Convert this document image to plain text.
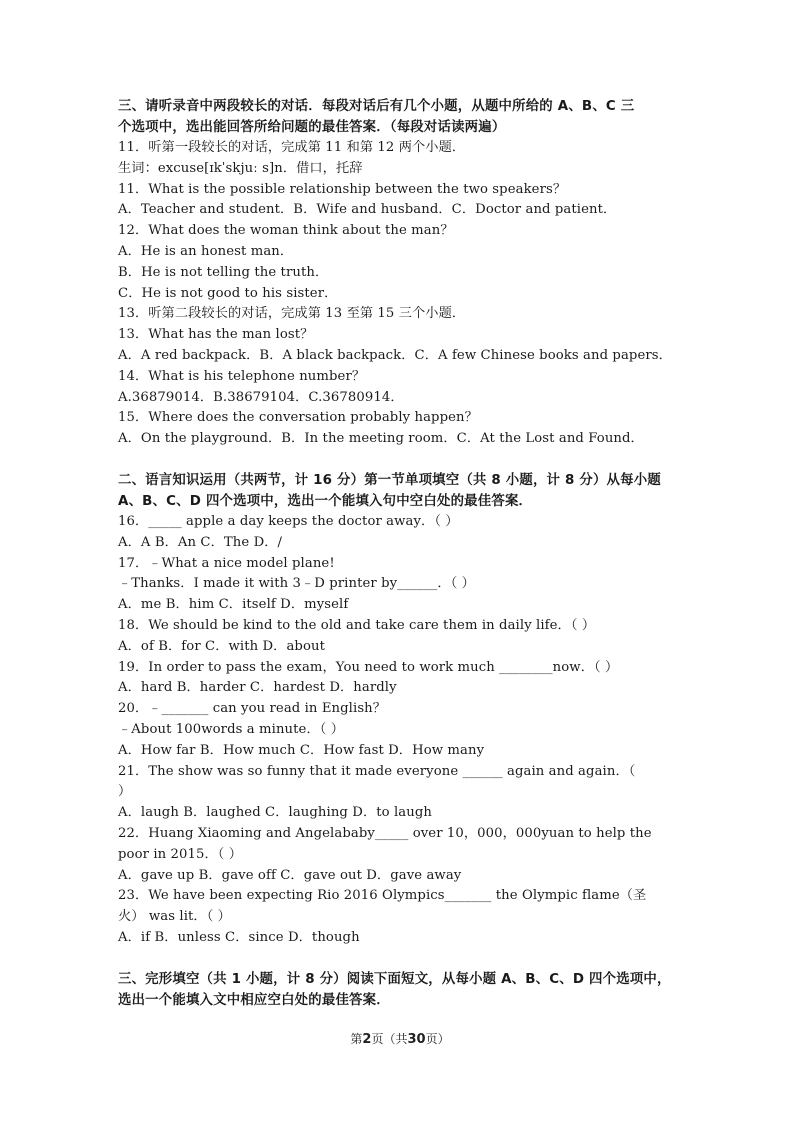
三、请听录音中两段较长的对话．每段对话后有几个小题，从题中所给的 A、B、C 三
个选项中，选出能回答所给问题的最佳答案．（每段对话读两遍）
11．听第一段较长的对话，完成第 11 和第 12 两个小题．
生词：excuse[ɪkˈskjuː s]n．借口，托辞
11．What is the possible relationship between the two speakers？
A．Teacher and student．B．Wife and husband．C．Doctor and patient．
12．What does the woman think about the man？
A．He is an honest man．
B．He is not telling the truth．
C．He is not good to his sister．
13．听第二段较长的对话，完成第 13 至第 15 三个小题．
13．What has the man lost？
A．A red backpack．B．A black backpack．C．A few Chinese books and papers．
14．What is his telephone number？
A.36879014．B.38679104．C.36780914．
15．Where does the conversation probably happen？
A．On the playground．B．In the meeting room．C．At the Lost and Found．
二、语言知识运用（共两节，计 16 分）第一节单项填空（共 8 小题，计 8 分）从每小题
A、B、C、D 四个选项中，选出一个能填入句中空白处的最佳答案．
16．_____ apple a day keeps the doctor away．（ ）
A．A B．An C．The D．/
17．﹣What a nice model plane!
﹣Thanks．I made it with 3﹣D printer by______．（ ）
A．me B．him C．itself D．myself
18．We should be kind to the old and take care them in daily life．（ ）
A．of B．for C．with D．about
19．In order to pass the exam，You need to work much ________now．（ ）
A．hard B．harder C．hardest D．hardly
20．﹣_______ can you read in English？
﹣About 100words a minute．（ ）
A．How far B．How much C．How fast D．How many
21．The show was so funny that it made everyone ______ again and again．（
）
A．laugh B．laughed C．laughing D．to laugh
22．Huang Xiaoming and Angelababy_____ over 10，000，000yuan to help the
poor in 2015．（ ）
A．gave up B．gave off C．gave out D．gave away
23．We have been expecting Rio 2016 Olympics_______ the Olympic flame（圣
火） was lit．（ ）
A．if B．unless C．since D．though
三、完形填空（共 1 小题，计 8 分）阅读下面短文，从每小题 A、B、C、D 四个选项中，
选出一个能填入文中相应空白处的最佳答案．
第2页（共30页）
